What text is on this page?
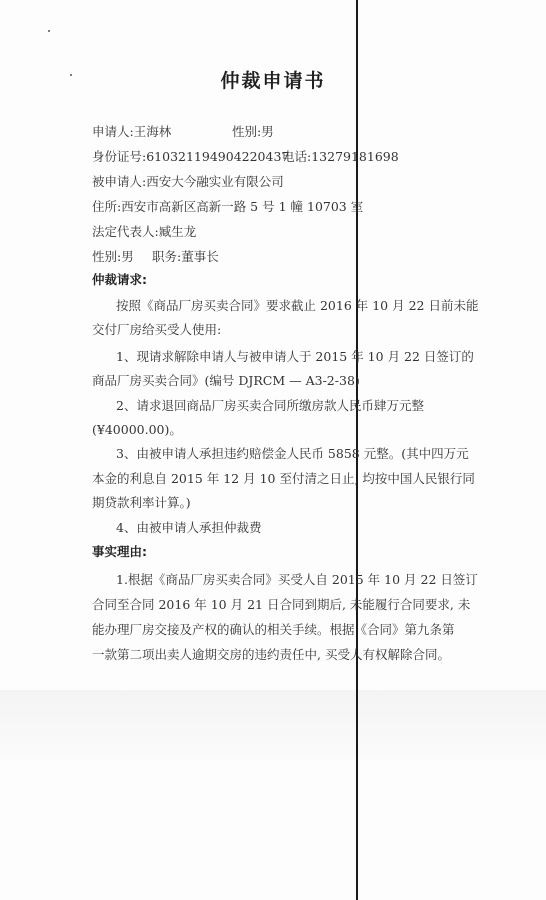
仲裁申请书
申请人:王海林	性别:男
身份证号:610321194904220437
电话:13279181698
被申请人:西安大今融实业有限公司
住所:西安市高新区高新一路 5 号 1 幢 10703 室
法定代表人:臧生龙
性别:男 职务:董事长
仲裁请求:
按照《商品厂房买卖合同》要求截止 2016 年 10 月 22 日前未能
交付厂房给买受人使用:
1、现请求解除申请人与被申请人于 2015 年 10 月 22 日签订的
商品厂房买卖合同》(编号 DJRCM — A3-2-38)
2、请求退回商品厂房买卖合同所缴房款人民币肆万元整
(¥40000.00)。
3、由被申请人承担违约赔偿金人民币 5858 元整。(其中四万元
本金的利息自 2015 年 12 月 10 至付清之日止, 均按中国人民银行同
期贷款利率计算。)
4、由被申请人承担仲裁费
事实理由:
1.根据《商品厂房买卖合同》买受人自 2015 年 10 月 22 日签订
合同至合同 2016 年 10 月 21 日合同到期后, 未能履行合同要求, 未
能办理厂房交接及产权的确认的相关手续。根据《合同》第九条第
一款第二项出卖人逾期交房的违约责任中, 买受人有权解除合同。
